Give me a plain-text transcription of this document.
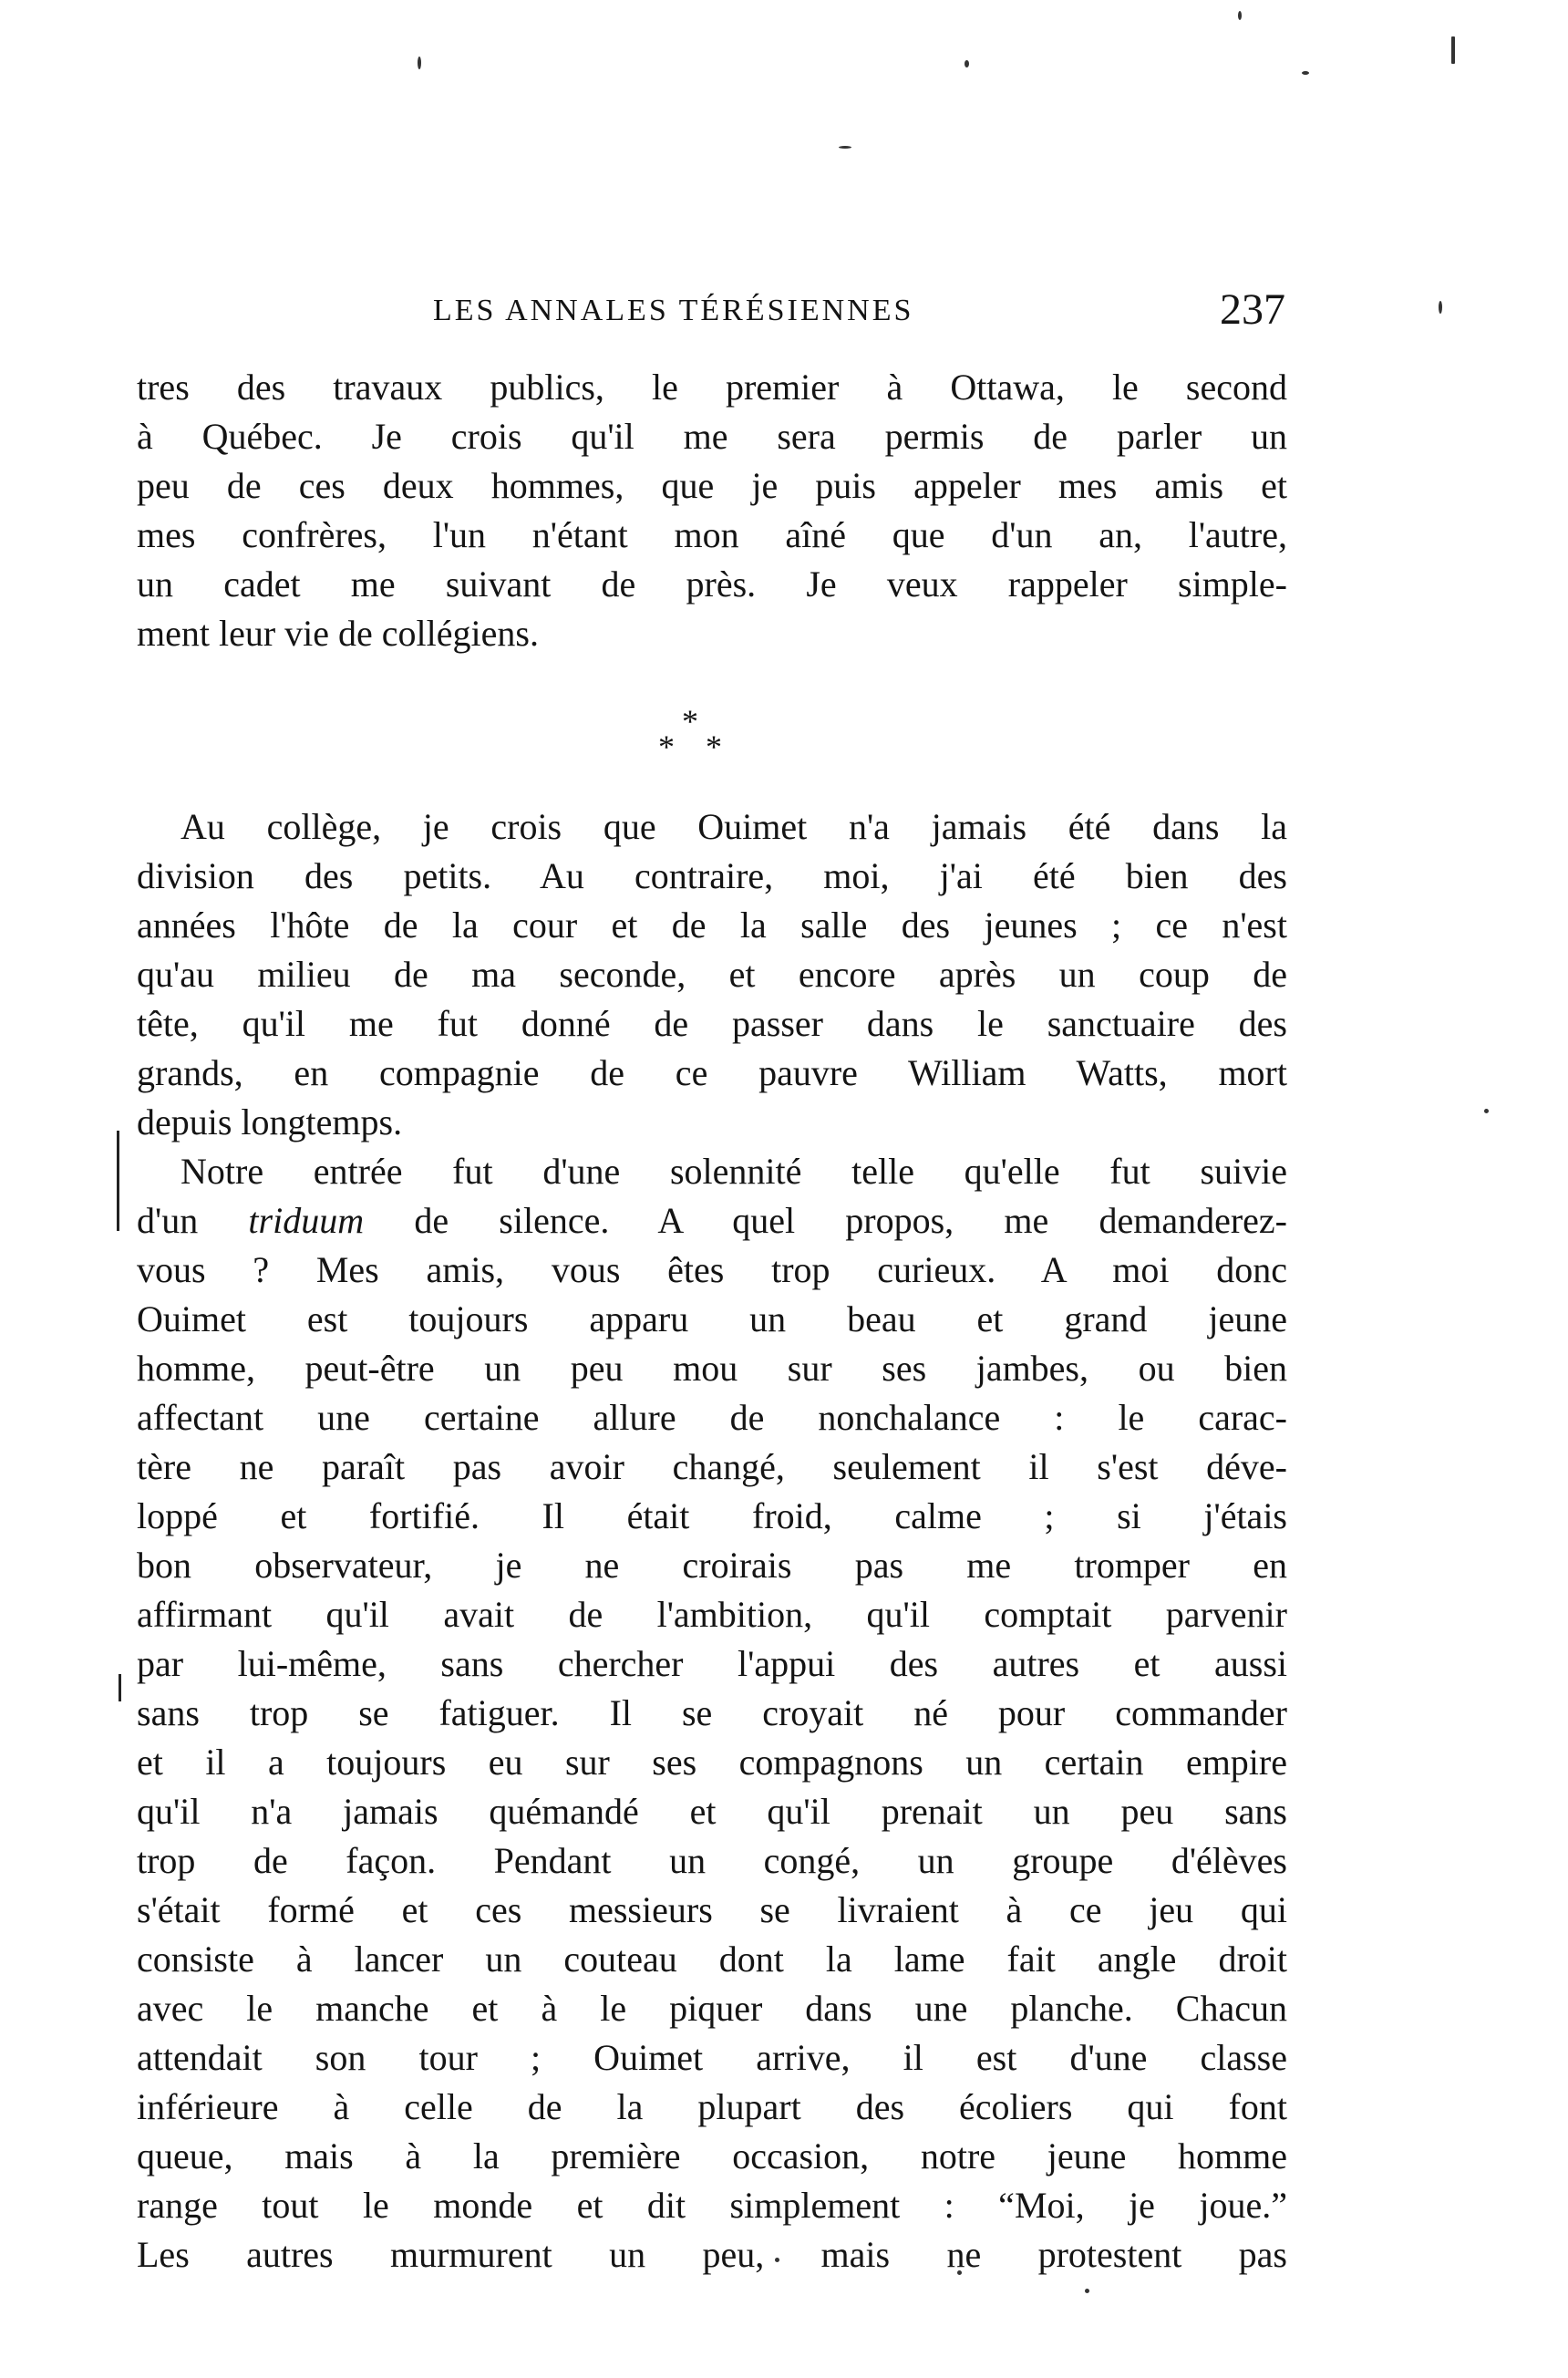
LES ANNALES TÉRÉSIENNES	237
tres des travaux publics, le premier à Ottawa, le second
à Québec. Je crois qu'il me sera permis de parler un
peu de ces deux hommes, que je puis appeler mes amis et
mes confrères, l'un n'étant mon aîné que d'un an, l'autre,
un cadet me suivant de près. Je veux rappeler simple-
ment leur vie de collégiens.
*
* *
Au collège, je crois que Ouimet n'a jamais été dans la
division des petits. Au contraire, moi, j'ai été bien des
années l'hôte de la cour et de la salle des jeunes ; ce n'est
qu'au milieu de ma seconde, et encore après un coup de
tête, qu'il me fut donné de passer dans le sanctuaire des
grands, en compagnie de ce pauvre William Watts, mort
depuis longtemps.
Notre entrée fut d'une solennité telle qu'elle fut suivie
d'un triduum de silence. A quel propos, me demanderez-
vous ? Mes amis, vous êtes trop curieux. A moi donc
Ouimet est toujours apparu un beau et grand jeune
homme, peut-être un peu mou sur ses jambes, ou bien
affectant une certaine allure de nonchalance : le carac-
tère ne paraît pas avoir changé, seulement il s'est déve-
loppé et fortifié. Il était froid, calme ; si j'étais
bon observateur, je ne croirais pas me tromper en
affirmant qu'il avait de l'ambition, qu'il comptait parvenir
par lui-même, sans chercher l'appui des autres et aussi
sans trop se fatiguer. Il se croyait né pour commander
et il a toujours eu sur ses compagnons un certain empire
qu'il n'a jamais quémandé et qu'il prenait un peu sans
trop de façon. Pendant un congé, un groupe d'élèves
s'était formé et ces messieurs se livraient à ce jeu qui
consiste à lancer un couteau dont la lame fait angle droit
avec le manche et à le piquer dans une planche. Chacun
attendait son tour ; Ouimet arrive, il est d'une classe
inférieure à celle de la plupart des écoliers qui font
queue, mais à la première occasion, notre jeune homme
range tout le monde et dit simplement : “Moi, je joue.”
Les autres murmurent un peu, mais ne protestent pas
